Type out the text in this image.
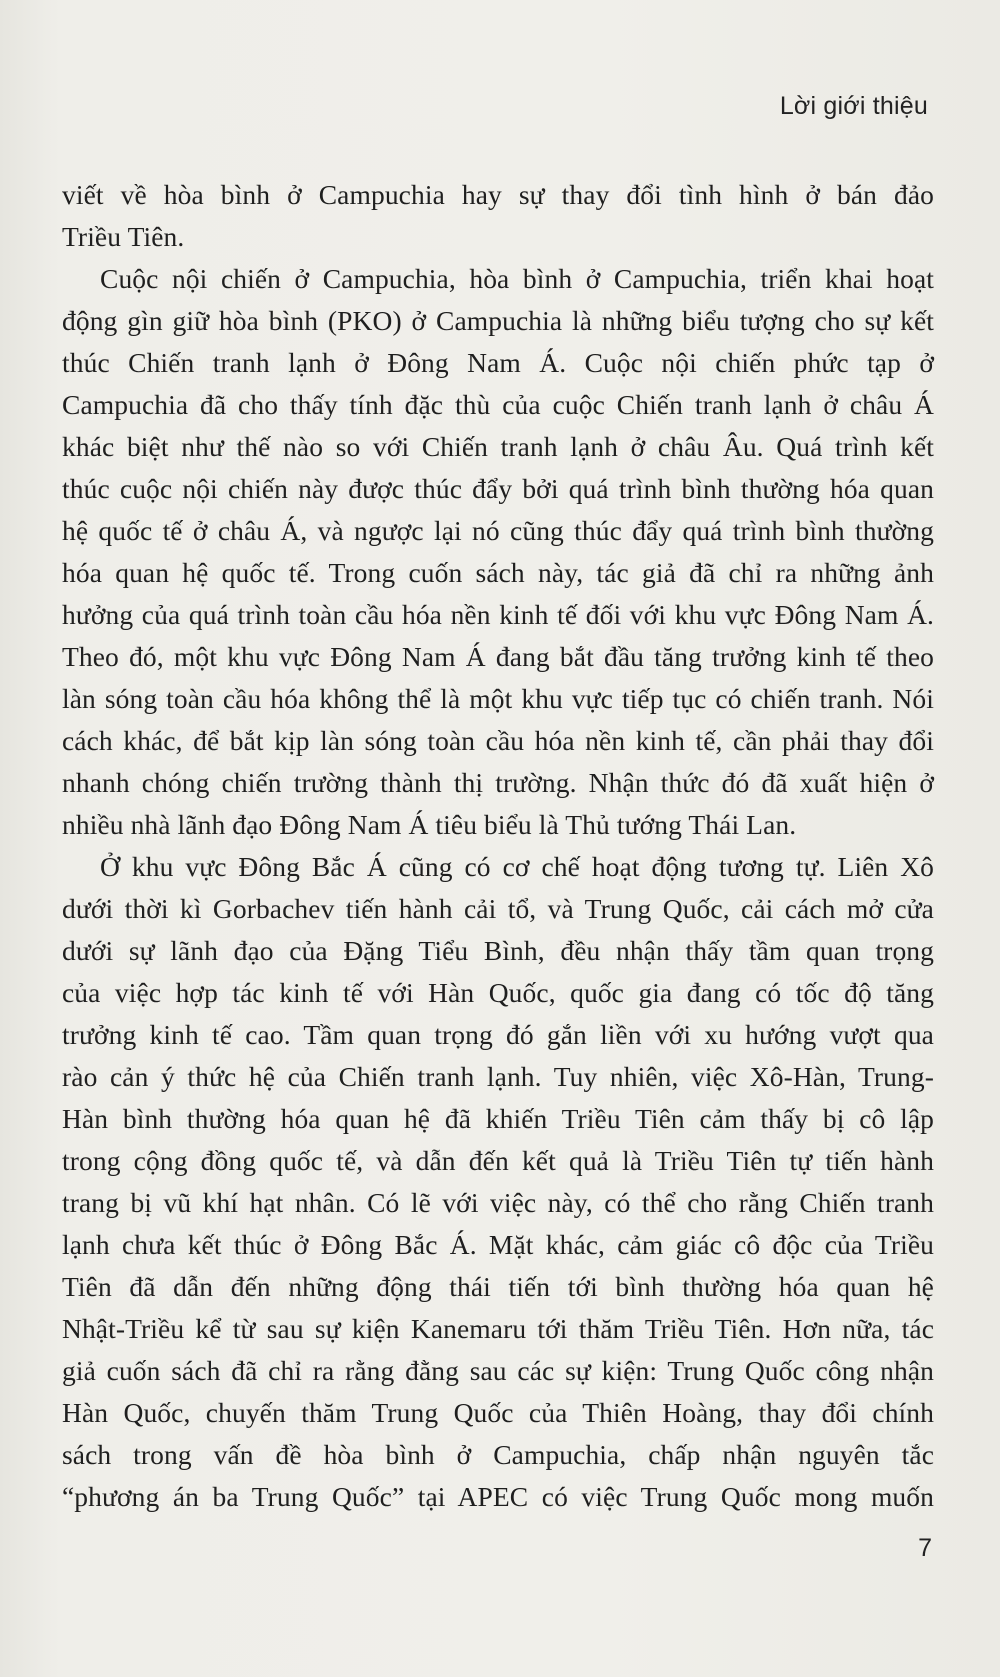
Lời giới thiệu
viết về hòa bình ở Campuchia hay sự thay đổi tình hình ở bán đảo
Triều Tiên.
Cuộc nội chiến ở Campuchia, hòa bình ở Campuchia, triển khai hoạt
động gìn giữ hòa bình (PKO) ở Campuchia là những biểu tượng cho sự kết
thúc Chiến tranh lạnh ở Đông Nam Á. Cuộc nội chiến phức tạp ở
Campuchia đã cho thấy tính đặc thù của cuộc Chiến tranh lạnh ở châu Á
khác biệt như thế nào so với Chiến tranh lạnh ở châu Âu. Quá trình kết
thúc cuộc nội chiến này được thúc đẩy bởi quá trình bình thường hóa quan
hệ quốc tế ở châu Á, và ngược lại nó cũng thúc đẩy quá trình bình thường
hóa quan hệ quốc tế. Trong cuốn sách này, tác giả đã chỉ ra những ảnh
hưởng của quá trình toàn cầu hóa nền kinh tế đối với khu vực Đông Nam Á.
Theo đó, một khu vực Đông Nam Á đang bắt đầu tăng trưởng kinh tế theo
làn sóng toàn cầu hóa không thể là một khu vực tiếp tục có chiến tranh. Nói
cách khác, để bắt kịp làn sóng toàn cầu hóa nền kinh tế, cần phải thay đổi
nhanh chóng chiến trường thành thị trường. Nhận thức đó đã xuất hiện ở
nhiều nhà lãnh đạo Đông Nam Á tiêu biểu là Thủ tướng Thái Lan.
Ở khu vực Đông Bắc Á cũng có cơ chế hoạt động tương tự. Liên Xô
dưới thời kì Gorbachev tiến hành cải tổ, và Trung Quốc, cải cách mở cửa
dưới sự lãnh đạo của Đặng Tiểu Bình, đều nhận thấy tầm quan trọng
của việc hợp tác kinh tế với Hàn Quốc, quốc gia đang có tốc độ tăng
trưởng kinh tế cao. Tầm quan trọng đó gắn liền với xu hướng vượt qua
rào cản ý thức hệ của Chiến tranh lạnh. Tuy nhiên, việc Xô-Hàn, Trung-
Hàn bình thường hóa quan hệ đã khiến Triều Tiên cảm thấy bị cô lập
trong cộng đồng quốc tế, và dẫn đến kết quả là Triều Tiên tự tiến hành
trang bị vũ khí hạt nhân. Có lẽ với việc này, có thể cho rằng Chiến tranh
lạnh chưa kết thúc ở Đông Bắc Á. Mặt khác, cảm giác cô độc của Triều
Tiên đã dẫn đến những động thái tiến tới bình thường hóa quan hệ
Nhật-Triều kể từ sau sự kiện Kanemaru tới thăm Triều Tiên. Hơn nữa, tác
giả cuốn sách đã chỉ ra rằng đằng sau các sự kiện: Trung Quốc công nhận
Hàn Quốc, chuyến thăm Trung Quốc của Thiên Hoàng, thay đổi chính
sách trong vấn đề hòa bình ở Campuchia, chấp nhận nguyên tắc
“phương án ba Trung Quốc” tại APEC có việc Trung Quốc mong muốn
7
